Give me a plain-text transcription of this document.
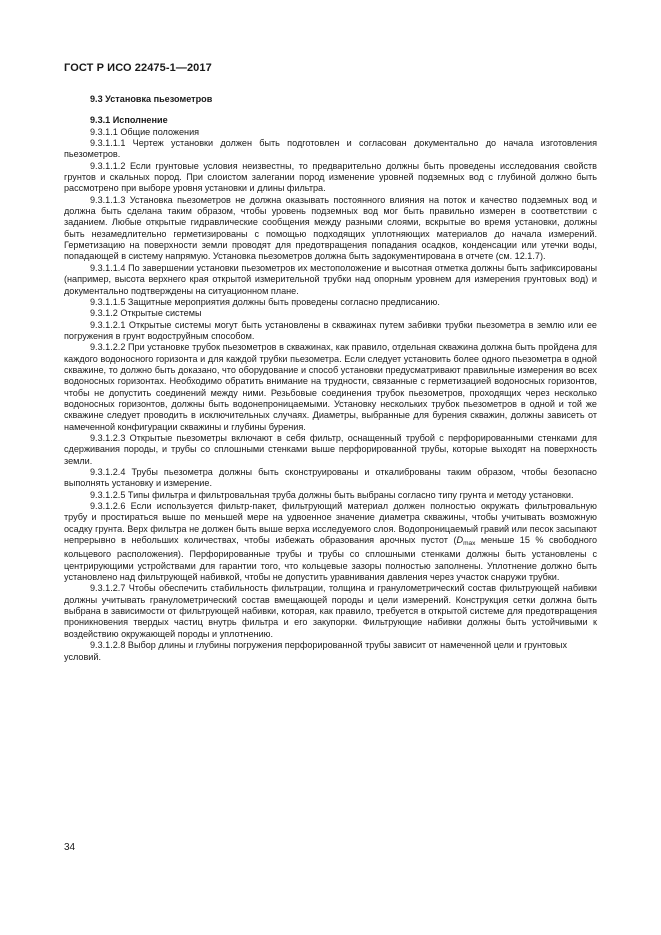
ГОСТ Р ИСО 22475-1—2017
9.3 Установка пьезометров
9.3.1 Исполнение

9.3.1.1 Общие положения

9.3.1.1.1 Чертеж установки должен быть подготовлен и согласован документально до начала изготовления пьезометров.

9.3.1.1.2 Если грунтовые условия неизвестны, то предварительно должны быть проведены исследования свойств грунтов и скальных пород. При слоистом залегании пород изменение уровней подземных вод с глубиной должно быть рассмотрено при выборе уровня установки и длины фильтра.

9.3.1.1.3 Установка пьезометров не должна оказывать постоянного влияния на поток и качество подземных вод и должна быть сделана таким образом, чтобы уровень подземных вод мог быть правильно измерен в соответствии с заданием. Любые открытые гидравлические сообщения между разными слоями, вскрытые во время установки, должны быть незамедлительно герметизированы с помощью подходящих уплотняющих материалов до начала измерений. Герметизацию на поверхности земли проводят для предотвращения попадания осадков, конденсации или утечки воды, попадающей в систему напрямую. Установка пьезометров должна быть задокументирована в отчете (см. 12.1.7).

9.3.1.1.4 По завершении установки пьезометров их местоположение и высотная отметка должны быть зафиксированы (например, высота верхнего края открытой измерительной трубки над опорным уровнем для измерения грунтовых вод) и документально подтверждены на ситуационном плане.

9.3.1.1.5 Защитные мероприятия должны быть проведены согласно предписанию.

9.3.1.2 Открытые системы

9.3.1.2.1 Открытые системы могут быть установлены в скважинах путем забивки трубки пьезометра в землю или ее погружения в грунт водоструйным способом.

9.3.1.2.2 При установке трубок пьезометров в скважинах, как правило, отдельная скважина должна быть пройдена для каждого водоносного горизонта и для каждой трубки пьезометра. Если следует установить более одного пьезометра в одной скважине, то должно быть доказано, что оборудование и способ установки предусматривают правильные измерения во всех водоносных горизонтах. Необходимо обратить внимание на трудности, связанные с герметизацией водоносных горизонтов, чтобы не допустить соединений между ними. Резьбовые соединения трубок пьезометров, проходящих через несколько водоносных горизонтов, должны быть водонепроницаемыми. Установку нескольких трубок пьезометров в одной и той же скважине следует проводить в исключительных случаях. Диаметры, выбранные для бурения скважин, должны зависеть от намеченной конфигурации скважины и глубины бурения.

9.3.1.2.3 Открытые пьезометры включают в себя фильтр, оснащенный трубой с перфорированными стенками для сдерживания породы, и трубы со сплошными стенками выше перфорированной трубы, которые выходят на поверхность земли.

9.3.1.2.4 Трубы пьезометра должны быть сконструированы и откалиброваны таким образом, чтобы безопасно выполнять установку и измерение.

9.3.1.2.5 Типы фильтра и фильтровальная труба должны быть выбраны согласно типу грунта и методу установки.

9.3.1.2.6 Если используется фильтр-пакет, фильтрующий материал должен полностью окружать фильтровальную трубу и простираться выше по меньшей мере на удвоенное значение диаметра скважины, чтобы учитывать возможную осадку грунта. Верх фильтра не должен быть выше верха исследуемого слоя. Водопроницаемый гравий или песок засыпают непрерывно в небольших количествах, чтобы избежать образования арочных пустот ($D_{max}$ меньше 15 % свободного кольцевого расположения). Перфорированные трубы и трубы со сплошными стенками должны быть установлены с центрирующими устройствами для гарантии того, что кольцевые зазоры полностью заполнены. Уплотнение должно быть установлено над фильтрующей набивкой, чтобы не допустить уравнивания давления через участок снаружи трубки.

9.3.1.2.7 Чтобы обеспечить стабильность фильтрации, толщина и гранулометрический состав фильтрующей набивки должны учитывать гранулометрический состав вмещающей породы и цели измерений. Конструкция сетки должна быть выбрана в зависимости от фильтрующей набивки, которая, как правило, требуется в открытой системе для предотвращения проникновения твердых частиц внутрь фильтра и его закупорки. Фильтрующие набивки должны быть устойчивыми к воздействию окружающей породы и уплотнению.

9.3.1.2.8 Выбор длины и глубины погружения перфорированной трубы зависит от намеченной цели и грунтовых условий.

34
